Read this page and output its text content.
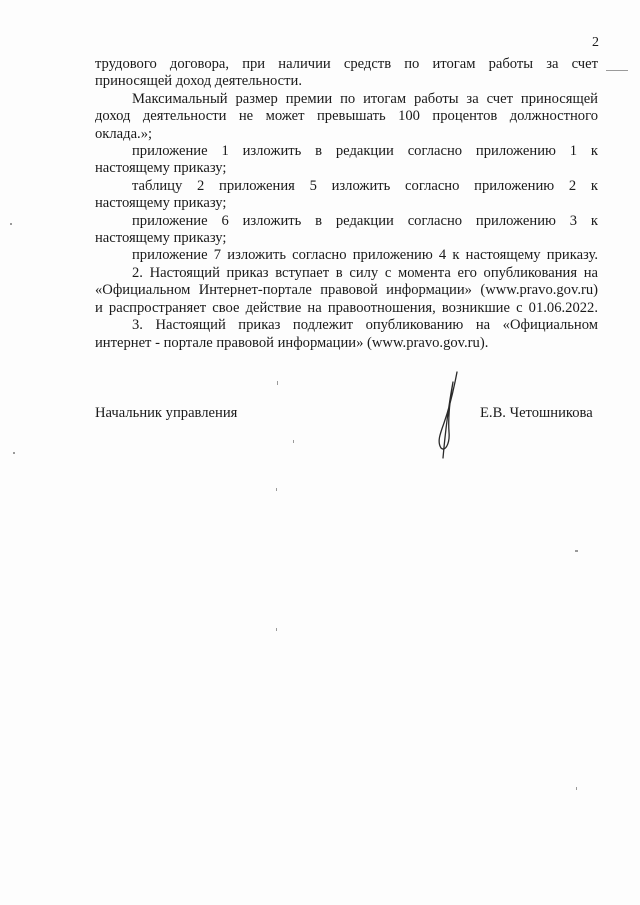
2
трудового договора, при наличии средств по итогам работы за счет
приносящей доход деятельности.
Максимальный размер премии по итогам работы за счет приносящей
доход деятельности не может превышать 100 процентов должностного
оклада.»;
приложение 1 изложить в редакции согласно приложению 1 к
настоящему приказу;
таблицу 2 приложения 5 изложить согласно приложению 2 к
настоящему приказу;
приложение 6 изложить в редакции согласно приложению 3 к
настоящему приказу;
приложение 7 изложить согласно приложению 4 к настоящему приказу.
2. Настоящий приказ вступает в силу с момента его опубликования на
«Официальном Интернет-портале правовой информации» (www.pravo.gov.ru)
и распространяет свое действие на правоотношения, возникшие с 01.06.2022.
3. Настоящий приказ подлежит опубликованию на «Официальном
интернет - портале правовой информации» (www.pravo.gov.ru).
Начальник управления	Е.В. Четошникова
